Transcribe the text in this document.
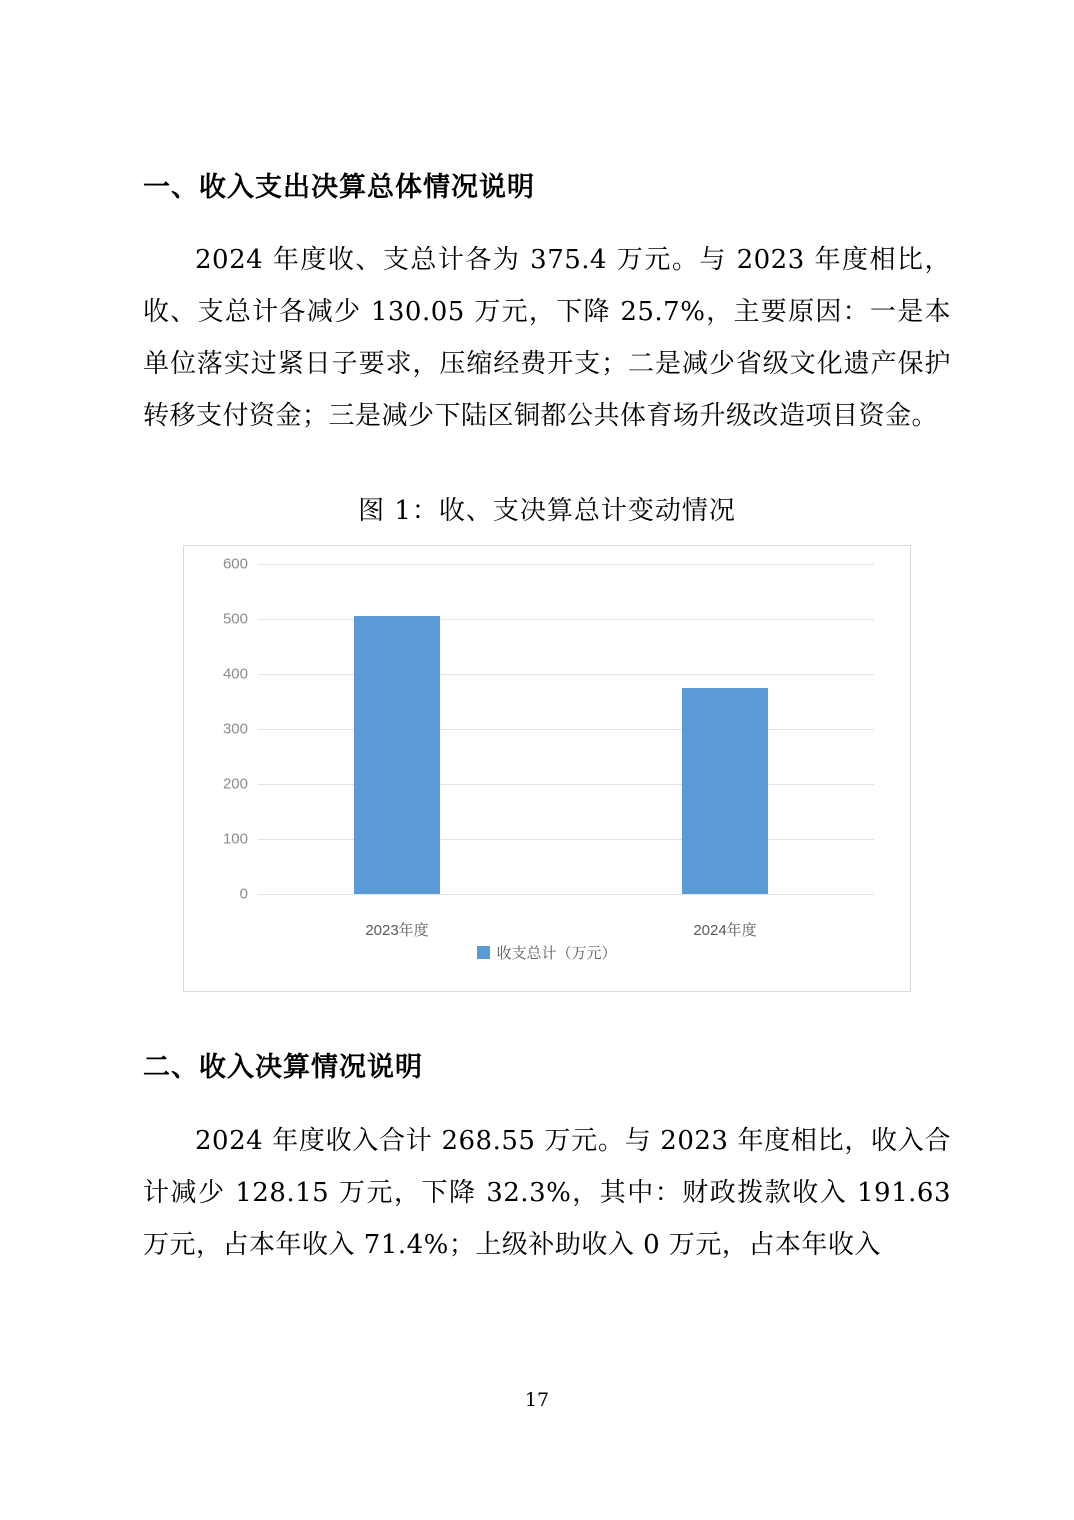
一、收入支出决算总体情况说明

2024 年度收、支总计各为 375.4 万元。与 2023 年度相比，收、支总计各减少 130.05 万元，下降 25.7%，主要原因：一是本单位落实过紧日子要求，压缩经费开支；二是减少省级文化遗产保护转移支付资金；三是减少下陆区铜都公共体育场升级改造项目资金。

图 1：收、支决算总计变动情况
600
500
400
300
200
100
0
2023年度	2024年度
收支总计（万元）
二、收入决算情况说明

2024 年度收入合计 268.55 万元。与 2023 年度相比，收入合计减少 128.15 万元，下降 32.3%，其中：财政拨款收入 191.63 万元，占本年收入 71.4%；上级补助收入 0 万元，占本年收入

17
